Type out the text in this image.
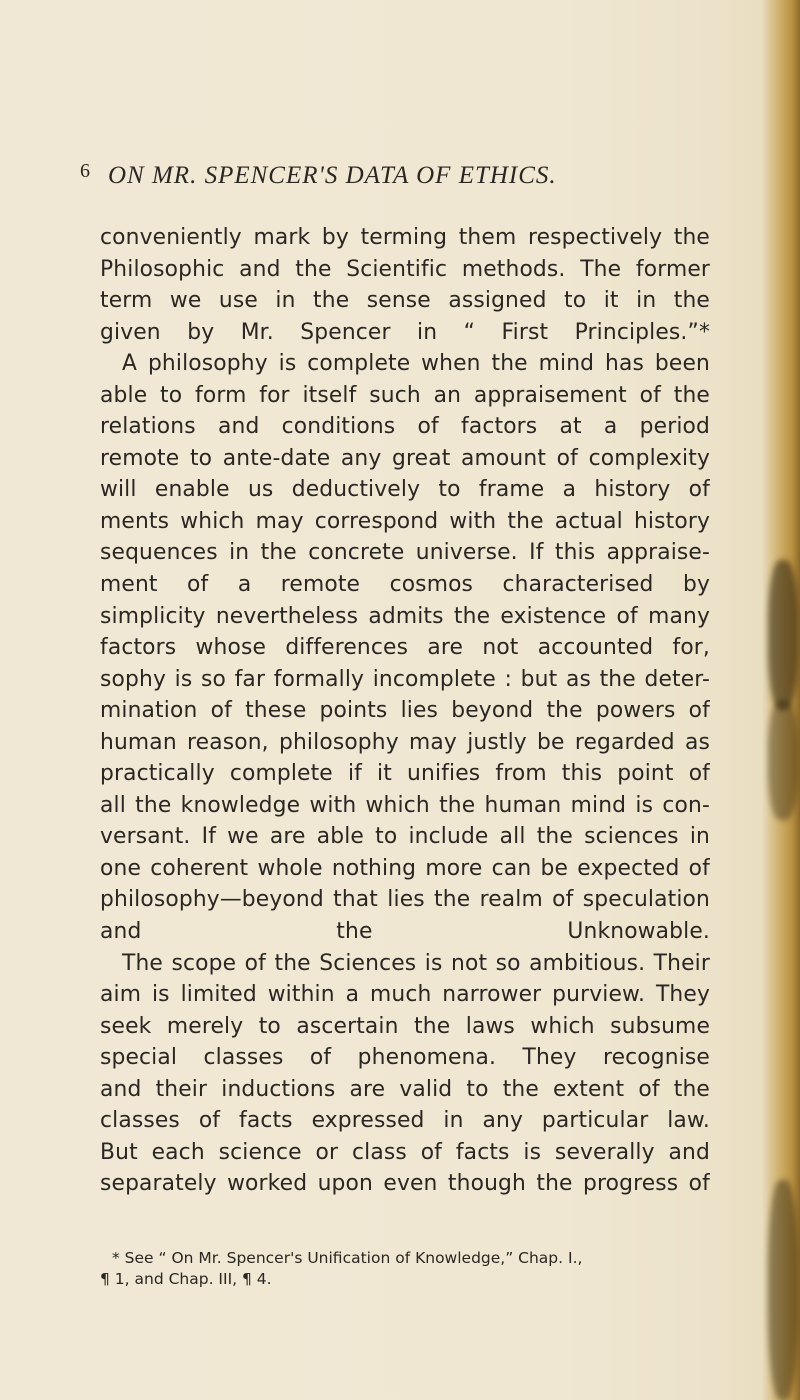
6 ON MR. SPENCER'S DATA OF ETHICS.
conveniently mark by terming them respectively the
Philosophic and the Scientific methods. The former
term we use in the sense assigned to it in the
given by Mr. Spencer in “ First Principles.”*
A philosophy is complete when the mind has been
able to form for itself such an appraisement of the
relations and conditions of factors at a period
remote to ante-date any great amount of complexity
will enable us deductively to frame a history of
ments which may correspond with the actual history
sequences in the concrete universe. If this appraise-
ment of a remote cosmos characterised by
simplicity nevertheless admits the existence of many
factors whose differences are not accounted for,
sophy is so far formally incomplete : but as the deter-
mination of these points lies beyond the powers of
human reason, philosophy may justly be regarded as
practically complete if it unifies from this point of
all the knowledge with which the human mind is con-
versant. If we are able to include all the sciences in
one coherent whole nothing more can be expected of
philosophy—beyond that lies the realm of speculation
and the Unknowable.
The scope of the Sciences is not so ambitious. Their
aim is limited within a much narrower purview. They
seek merely to ascertain the laws which subsume
special classes of phenomena. They recognise
and their inductions are valid to the extent of the
classes of facts expressed in any particular law.
But each science or class of facts is severally and
separately worked upon even though the progress of
* See “ On Mr. Spencer's Unification of Knowledge,” Chap. I.,
¶ 1, and Chap. III, ¶ 4.
